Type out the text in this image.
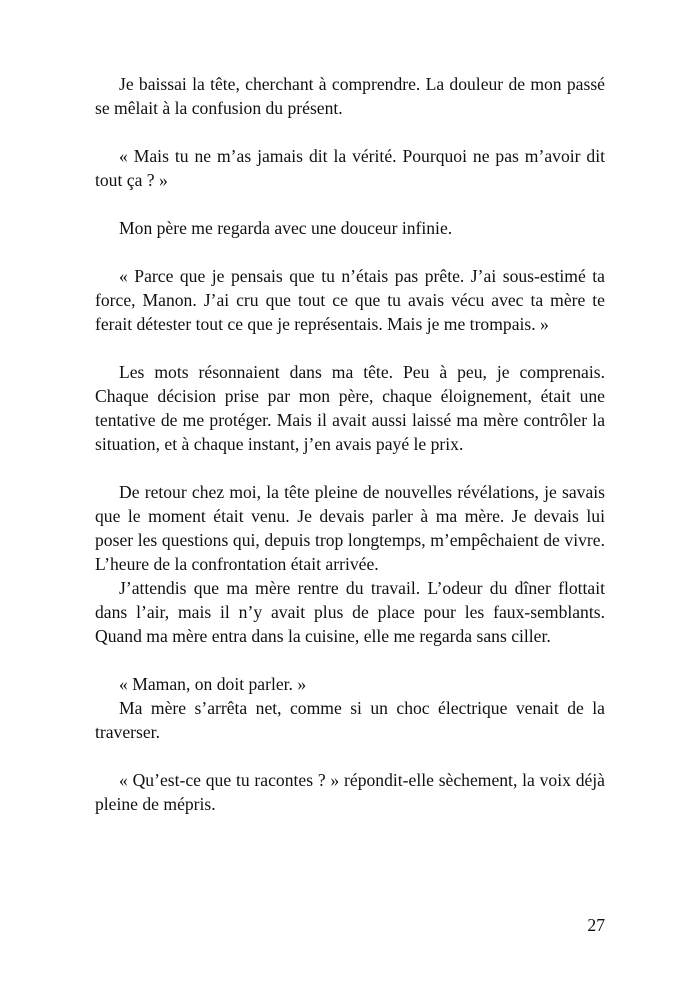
Je baissai la tête, cherchant à comprendre. La douleur de mon passé se mêlait à la confusion du présent.

« Mais tu ne m’as jamais dit la vérité. Pourquoi ne pas m’avoir dit tout ça ? »

Mon père me regarda avec une douceur infinie.

« Parce que je pensais que tu n’étais pas prête. J’ai sous-estimé ta force, Manon. J’ai cru que tout ce que tu avais vécu avec ta mère te ferait détester tout ce que je représentais. Mais je me trompais. »

Les mots résonnaient dans ma tête. Peu à peu, je comprenais. Chaque décision prise par mon père, chaque éloignement, était une tentative de me protéger. Mais il avait aussi laissé ma mère contrôler la situation, et à chaque instant, j’en avais payé le prix.

De retour chez moi, la tête pleine de nouvelles révélations, je savais que le moment était venu. Je devais parler à ma mère. Je devais lui poser les questions qui, depuis trop longtemps, m’empêchaient de vivre. L’heure de la confrontation était arrivée.

J’attendis que ma mère rentre du travail. L’odeur du dîner flottait dans l’air, mais il n’y avait plus de place pour les faux-semblants. Quand ma mère entra dans la cuisine, elle me regarda sans ciller.

« Maman, on doit parler. »

Ma mère s’arrêta net, comme si un choc électrique venait de la traverser.

« Qu’est-ce que tu racontes ? » répondit-elle sèchement, la voix déjà pleine de mépris.

27
